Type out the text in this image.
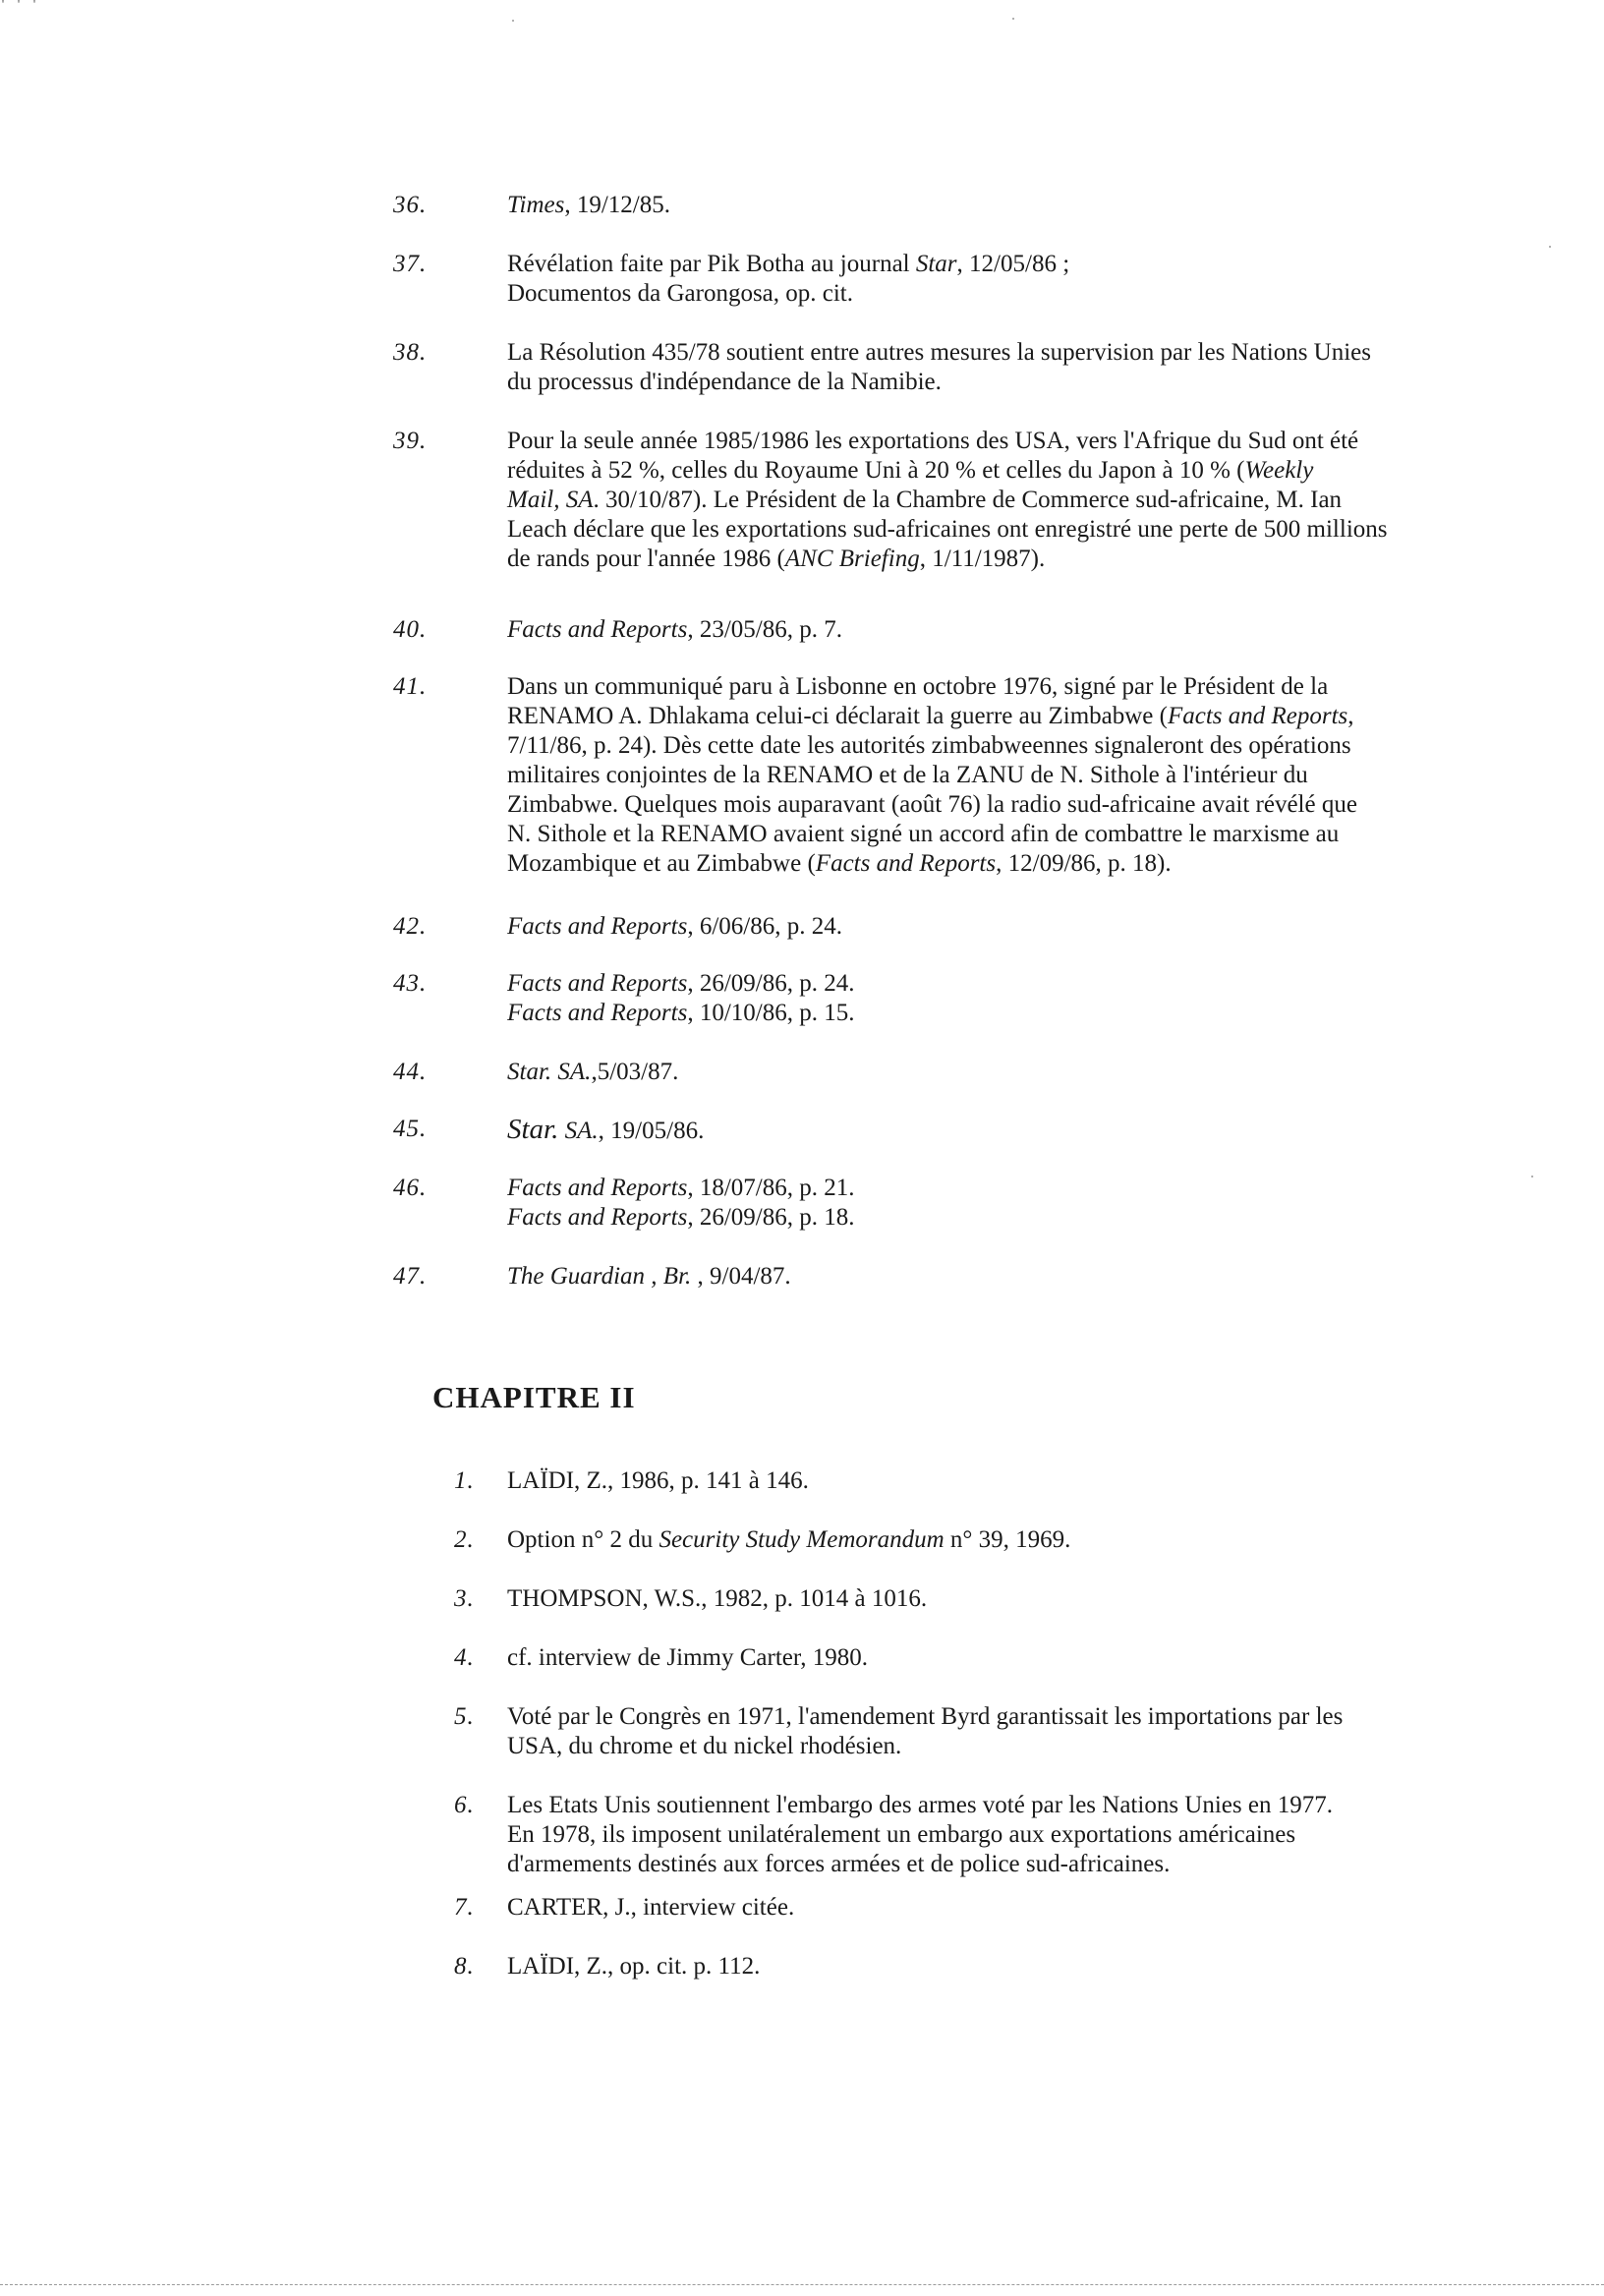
' ' '

36.	Times, 19/12/85.

37.	Révélation faite par Pik Botha au journal Star, 12/05/86 ;
Documentos da Garongosa, op. cit.

38.	La Résolution 435/78 soutient entre autres mesures la supervision par les Nations Unies
du processus d'indépendance de la Namibie.

39.	Pour la seule année 1985/1986 les exportations des USA, vers l'Afrique du Sud ont été
réduites à 52 %, celles du Royaume Uni à 20 % et celles du Japon à 10 % (Weekly
Mail, SA. 30/10/87). Le Président de la Chambre de Commerce sud-africaine, M. Ian
Leach déclare que les exportations sud-africaines ont enregistré une perte de 500 millions
de rands pour l'année 1986 (ANC Briefing, 1/11/1987).

40.	Facts and Reports, 23/05/86, p. 7.

41.	Dans un communiqué paru à Lisbonne en octobre 1976, signé par le Président de la
RENAMO A. Dhlakama celui-ci déclarait la guerre au Zimbabwe (Facts and Reports,
7/11/86, p. 24). Dès cette date les autorités zimbabweennes signaleront des opérations
militaires conjointes de la RENAMO et de la ZANU de N. Sithole à l'intérieur du
Zimbabwe. Quelques mois auparavant (août 76) la radio sud-africaine avait révélé que
N. Sithole et la RENAMO avaient signé un accord afin de combattre le marxisme au
Mozambique et au Zimbabwe (Facts and Reports, 12/09/86, p. 18).

42.	Facts and Reports, 6/06/86, p. 24.

43.	Facts and Reports, 26/09/86, p. 24.
Facts and Reports, 10/10/86, p. 15.

44.	Star. SA.,5/03/87.

45.	Star. SA., 19/05/86.

46.	Facts and Reports, 18/07/86, p. 21.
Facts and Reports, 26/09/86, p. 18.

47.	The Guardian , Br. , 9/04/87.

CHAPITRE II

1.	LAÏDI, Z., 1986, p. 141 à 146.

2.	Option n° 2 du Security Study Memorandum n° 39, 1969.

3.	THOMPSON, W.S., 1982, p. 1014 à 1016.

4.	cf. interview de Jimmy Carter, 1980.

5.	Voté par le Congrès en 1971, l'amendement Byrd garantissait les importations par les
USA, du chrome et du nickel rhodésien.

6.	Les Etats Unis soutiennent l'embargo des armes voté par les Nations Unies en 1977.
En 1978, ils imposent unilatéralement un embargo aux exportations américaines
d'armements destinés aux forces armées et de police sud-africaines.

7.	CARTER, J., interview citée.

8.	LAÏDI, Z., op. cit. p. 112.
